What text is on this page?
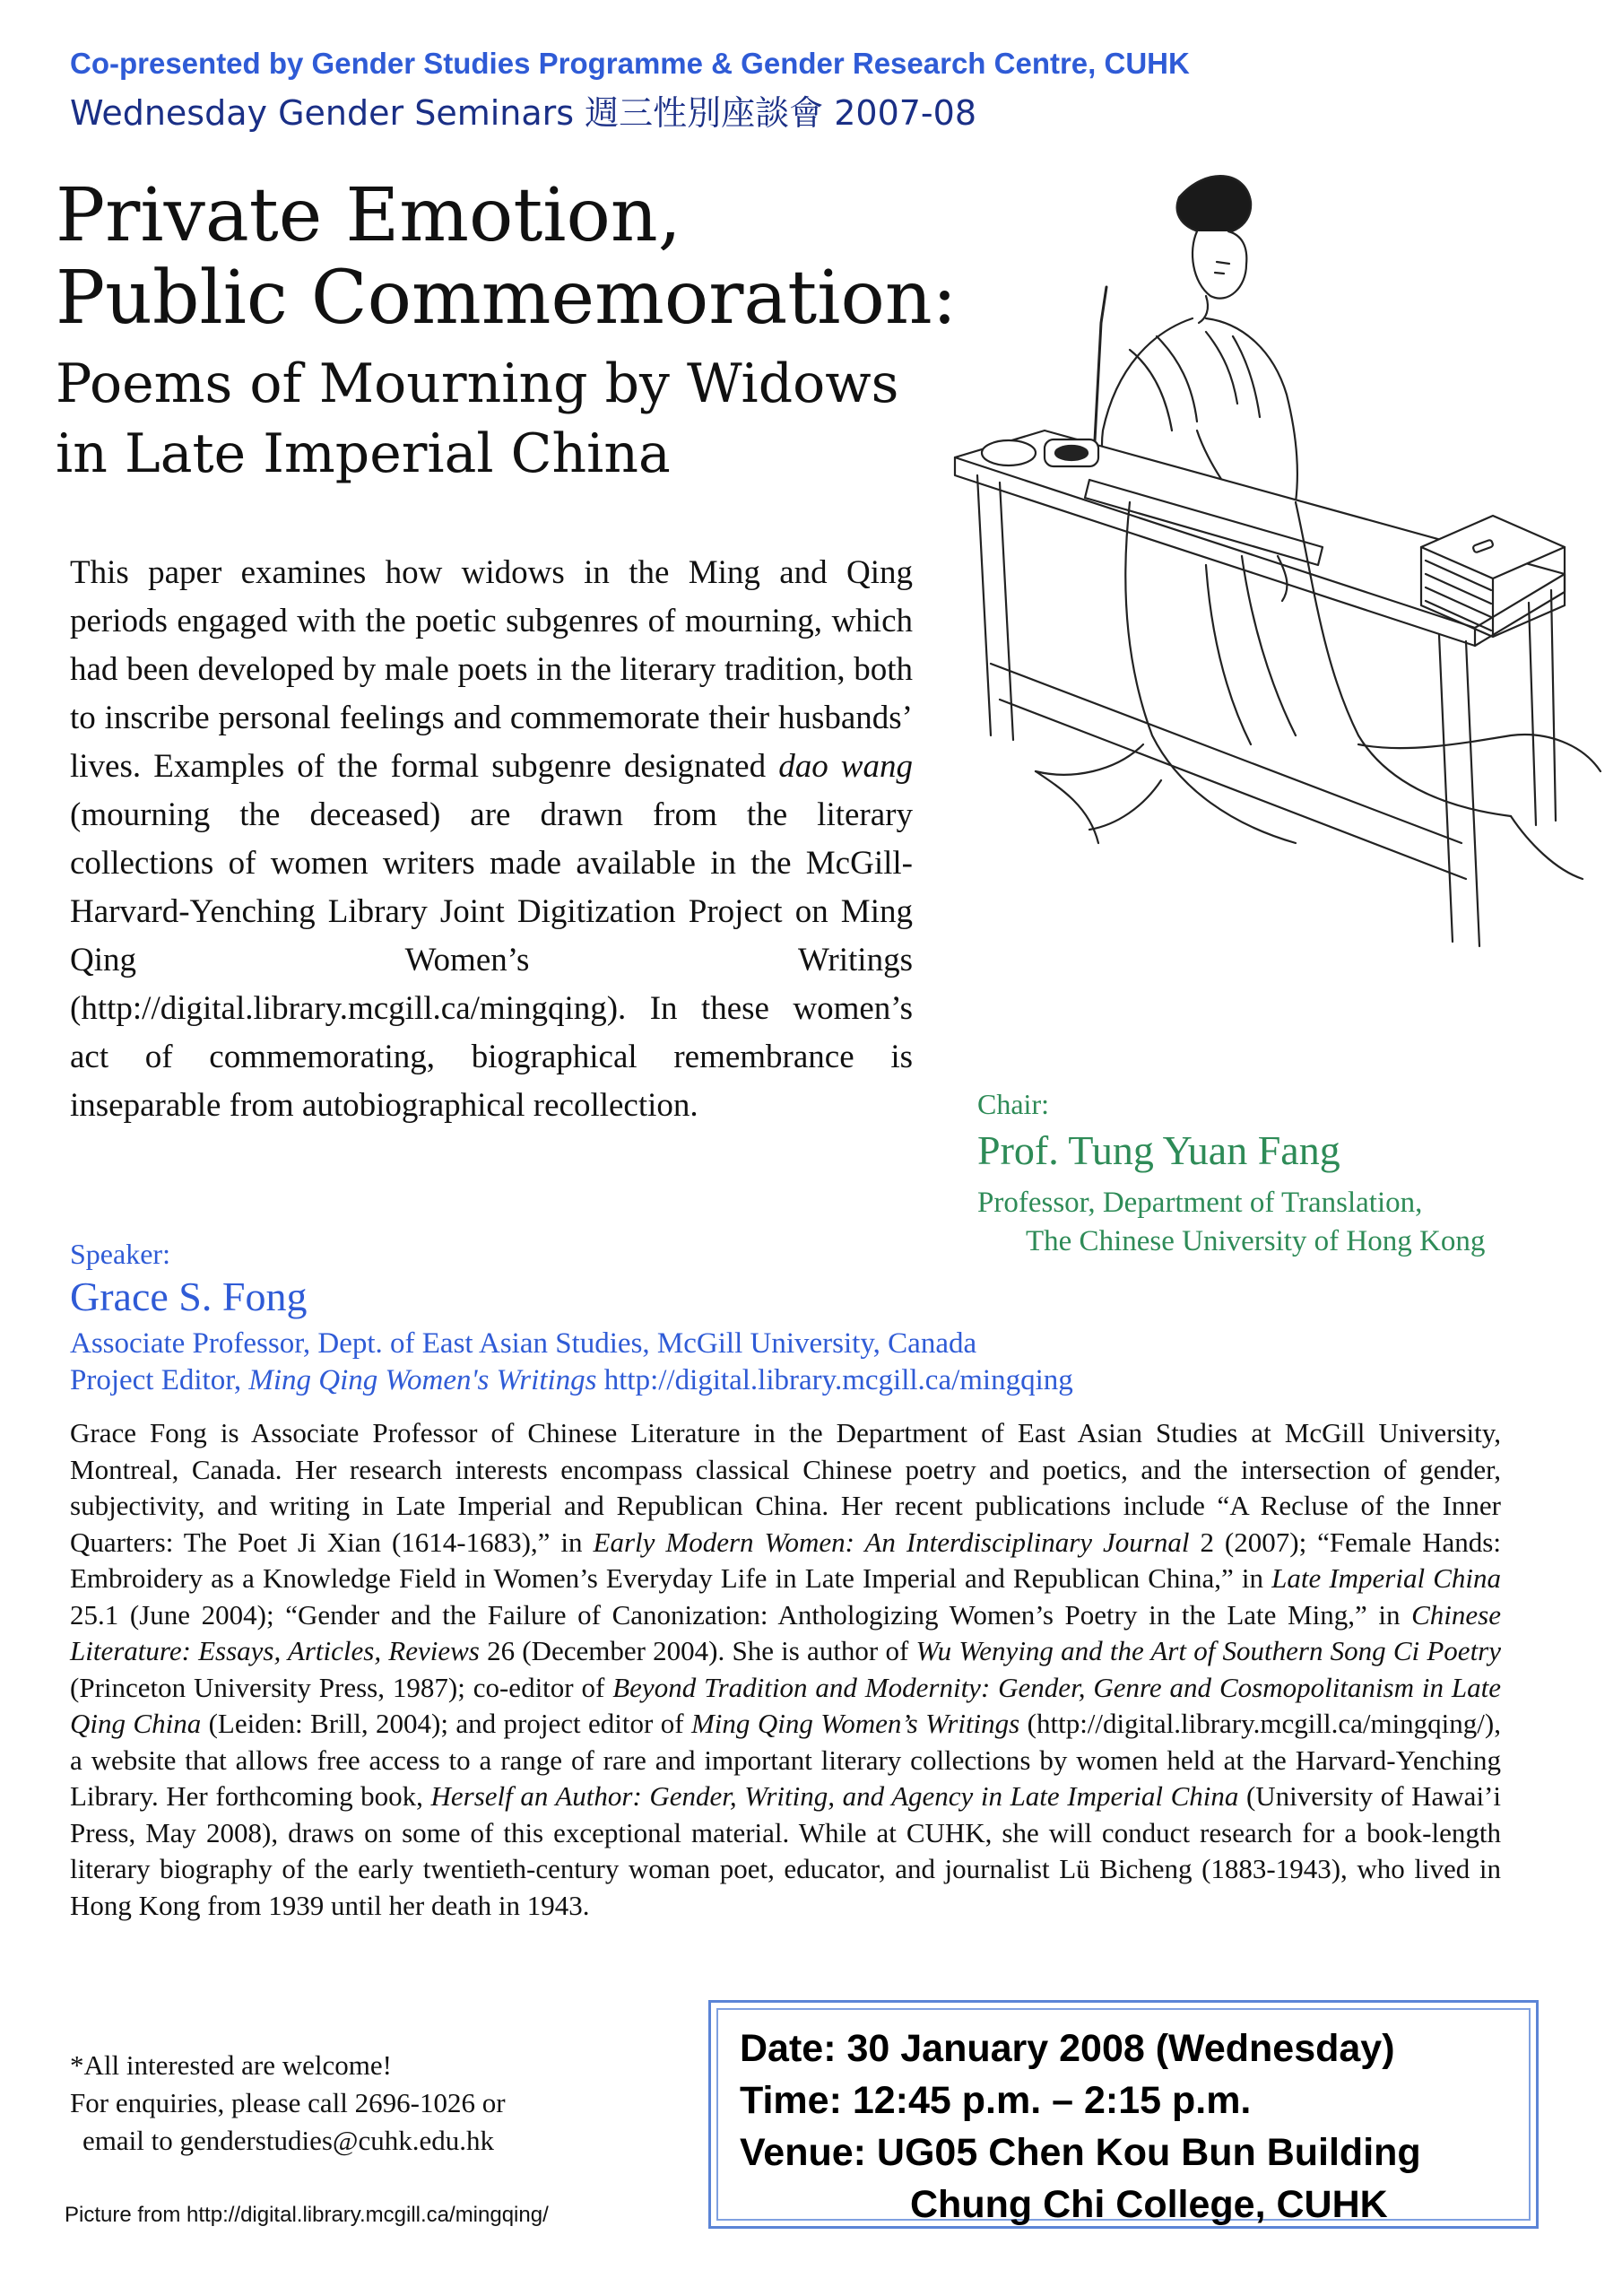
Co-presented by Gender Studies Programme & Gender Research Centre, CUHK
Wednesday Gender Seminars 週三性別座談會 2007-08
Private Emotion,
Public Commemoration:
Poems of Mourning by Widows
in Late Imperial China
This paper examines how widows in the Ming and Qing periods engaged with the poetic subgenres of mourning, which had been developed by male poets in the literary tradition, both to inscribe personal feelings and commemorate their husbands’ lives. Examples of the formal subgenre designated dao wang (mourning the deceased) are drawn from the literary collections of women writers made available in the McGill-Harvard-Yenching Library Joint Digitization Project on Ming Qing Women’s Writings (http://digital.library.mcgill.ca/mingqing). In these women’s act of commemorating, biographical remembrance is inseparable from autobiographical recollection.	Chair:
Prof. Tung Yuan Fang
Professor, Department of Translation,
The Chinese University of Hong Kong
Speaker:
Grace S. Fong
Associate Professor, Dept. of East Asian Studies, McGill University, Canada
Project Editor, Ming Qing Women's Writings http://digital.library.mcgill.ca/mingqing
Grace Fong is Associate Professor of Chinese Literature in the Department of East Asian Studies at McGill University, Montreal, Canada. Her research interests encompass classical Chinese poetry and poetics, and the intersection of gender, subjectivity, and writing in Late Imperial and Republican China. Her recent publications include “A Recluse of the Inner Quarters: The Poet Ji Xian (1614-1683),” in Early Modern Women: An Interdisciplinary Journal 2 (2007); “Female Hands: Embroidery as a Knowledge Field in Women’s Everyday Life in Late Imperial and Republican China,” in Late Imperial China 25.1 (June 2004); “Gender and the Failure of Canonization: Anthologizing Women’s Poetry in the Late Ming,” in Chinese Literature: Essays, Articles, Reviews 26 (December 2004). She is author of Wu Wenying and the Art of Southern Song Ci Poetry (Princeton University Press, 1987); co-editor of Beyond Tradition and Modernity: Gender, Genre and Cosmopolitanism in Late Qing China (Leiden: Brill, 2004); and project editor of Ming Qing Women’s Writings (http://digital.library.mcgill.ca/mingqing/), a website that allows free access to a range of rare and important literary collections by women held at the Harvard-Yenching Library. Her forthcoming book, Herself an Author: Gender, Writing, and Agency in Late Imperial China (University of Hawai’i Press, May 2008), draws on some of this exceptional material. While at CUHK, she will conduct research for a book-length literary biography of the early twentieth-century woman poet, educator, and journalist Lü Bicheng (1883-1943), who lived in Hong Kong from 1939 until her death in 1943.
*All interested are welcome!
For enquiries, please call 2696-1026 or
email to genderstudies@cuhk.edu.hk
Date: 30 January 2008 (Wednesday)
Time: 12:45 p.m. – 2:15 p.m.
Venue: UG05 Chen Kou Bun Building
Chung Chi College, CUHK
Picture from http://digital.library.mcgill.ca/mingqing/
